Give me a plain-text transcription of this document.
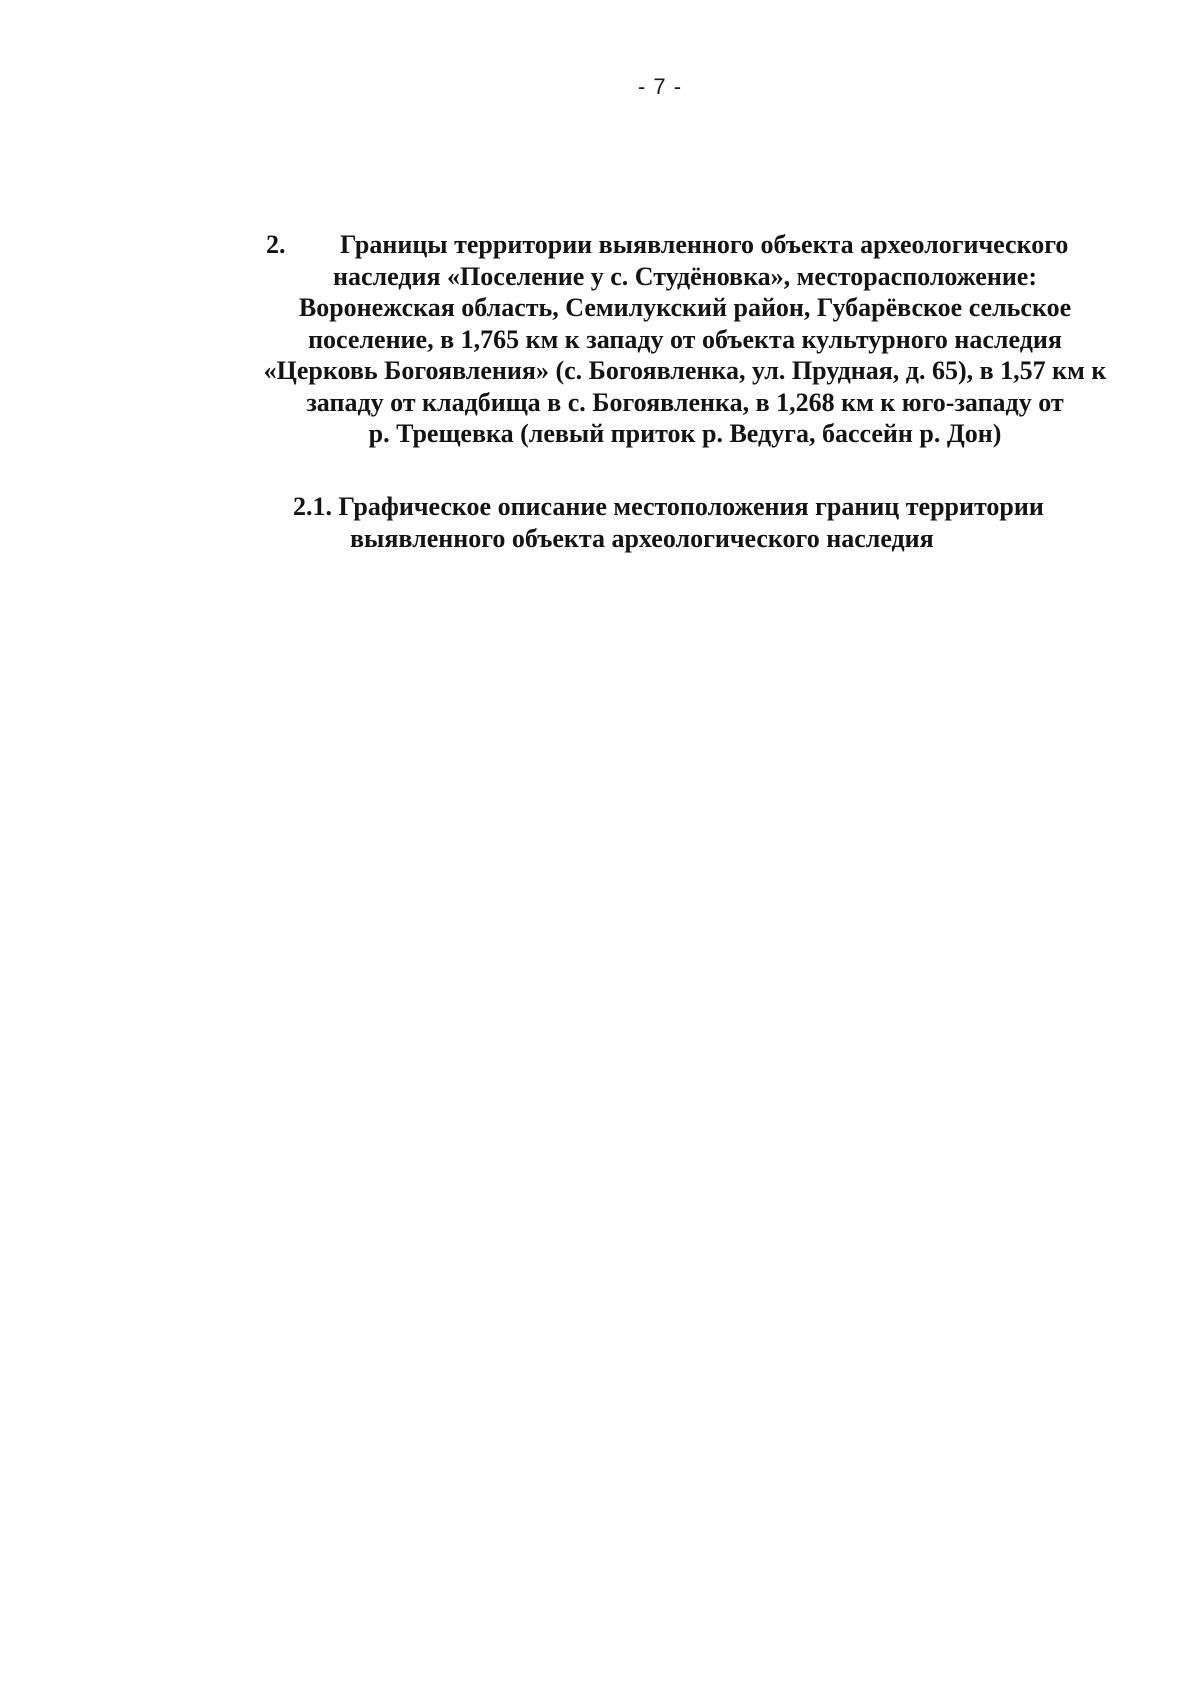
- 7 -
2. Границы территории выявленного объекта археологического
наследия «Поселение у с. Студёновка», месторасположение:
Воронежская область, Семилукский район, Губарёвское сельское
поселение, в 1,765 км к западу от объекта культурного наследия
«Церковь Богоявления» (с. Богоявленка, ул. Прудная, д. 65), в 1,57 км к
западу от кладбища в с. Богоявленка, в 1,268 км к юго-западу от
р. Трещевка (левый приток р. Ведуга, бассейн р. Дон)
2.1. Графическое описание местоположения границ территории
выявленного объекта археологического наследия
